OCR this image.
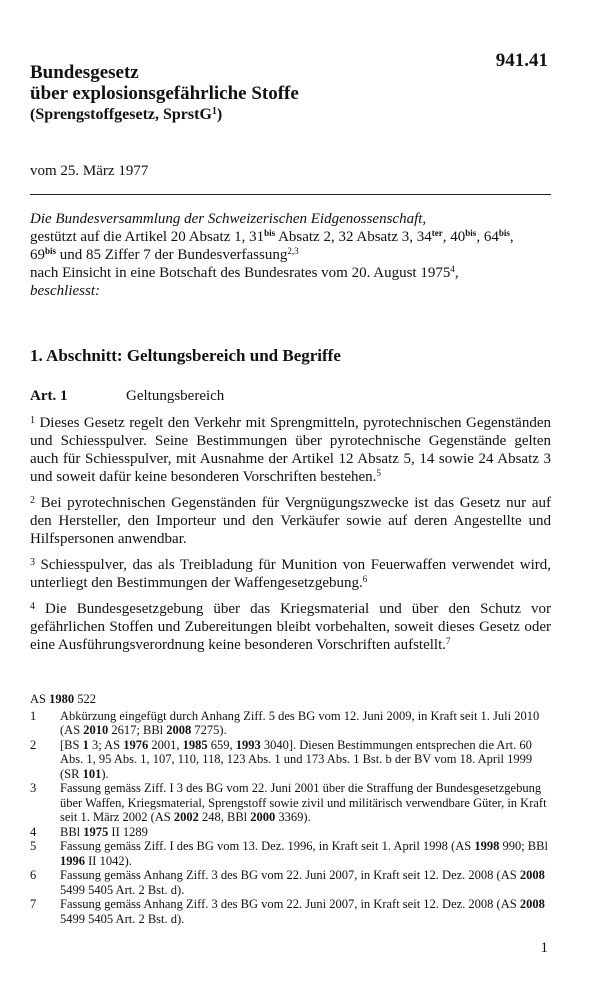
941.41
Bundesgesetz
über explosionsgefährliche Stoffe
(Sprengstoffgesetz, SprstG$^1$)
vom 25. März 1977
Die Bundesversammlung der Schweizerischen Eidgenossenschaft,
gestützt auf die Artikel 20 Absatz 1, $31^{bis}$ Absatz 2, 32 Absatz 3, $34^{ter}$, $40^{bis}$, $64^{bis}$,
$69^{bis}$ und 85 Ziffer 7 der Bundesverfassung$^{2,3}$
nach Einsicht in eine Botschaft des Bundesrates vom 20. August 1975$^4$,
beschliesst:
1. Abschnitt: Geltungsbereich und Begriffe
Art. 1	Geltungsbereich

$^1$ Dieses Gesetz regelt den Verkehr mit Sprengmitteln, pyrotechnischen Gegenständen und Schiesspulver. Seine Bestimmungen über pyrotechnische Gegenstände gelten auch für Schiesspulver, mit Ausnahme der Artikel 12 Absatz 5, 14 sowie 24 Absatz 3 und soweit dafür keine besonderen Vorschriften bestehen.$^5$

$^2$ Bei pyrotechnischen Gegenständen für Vergnügungszwecke ist das Gesetz nur auf den Hersteller, den Importeur und den Verkäufer sowie auf deren Angestellte und Hilfspersonen anwendbar.

$^3$ Schiesspulver, das als Treibladung für Munition von Feuerwaffen verwendet wird, unterliegt den Bestimmungen der Waffengesetzgebung.$^6$

$^4$ Die Bundesgesetzgebung über das Kriegsmaterial und über den Schutz vor gefährlichen Stoffen und Zubereitungen bleibt vorbehalten, soweit dieses Gesetz oder eine Ausführungsverordnung keine besonderen Vorschriften aufstellt.$^7$

AS 1980 522
1	Abkürzung eingefügt durch Anhang Ziff. 5 des BG vom 12. Juni 2009, in Kraft seit 1. Juli 2010 (AS 2010 2617; BBl 2008 7275).
2	[BS 1 3; AS 1976 2001, 1985 659, 1993 3040]. Diesen Bestimmungen entsprechen die Art. 60 Abs. 1, 95 Abs. 1, 107, 110, 118, 123 Abs. 1 und 173 Abs. 1 Bst. b der BV vom 18. April 1999 (SR 101).
3	Fassung gemäss Ziff. I 3 des BG vom 22. Juni 2001 über die Straffung der Bundesgesetzgebung über Waffen, Kriegsmaterial, Sprengstoff sowie zivil und militärisch verwendbare Güter, in Kraft seit 1. März 2002 (AS 2002 248, BBl 2000 3369).
4	BBl 1975 II 1289
5	Fassung gemäss Ziff. I des BG vom 13. Dez. 1996, in Kraft seit 1. April 1998 (AS 1998 990; BBl 1996 II 1042).
6	Fassung gemäss Anhang Ziff. 3 des BG vom 22. Juni 2007, in Kraft seit 12. Dez. 2008 (AS 2008 5499 5405 Art. 2 Bst. d).
7	Fassung gemäss Anhang Ziff. 3 des BG vom 22. Juni 2007, in Kraft seit 12. Dez. 2008 (AS 2008 5499 5405 Art. 2 Bst. d).
1
